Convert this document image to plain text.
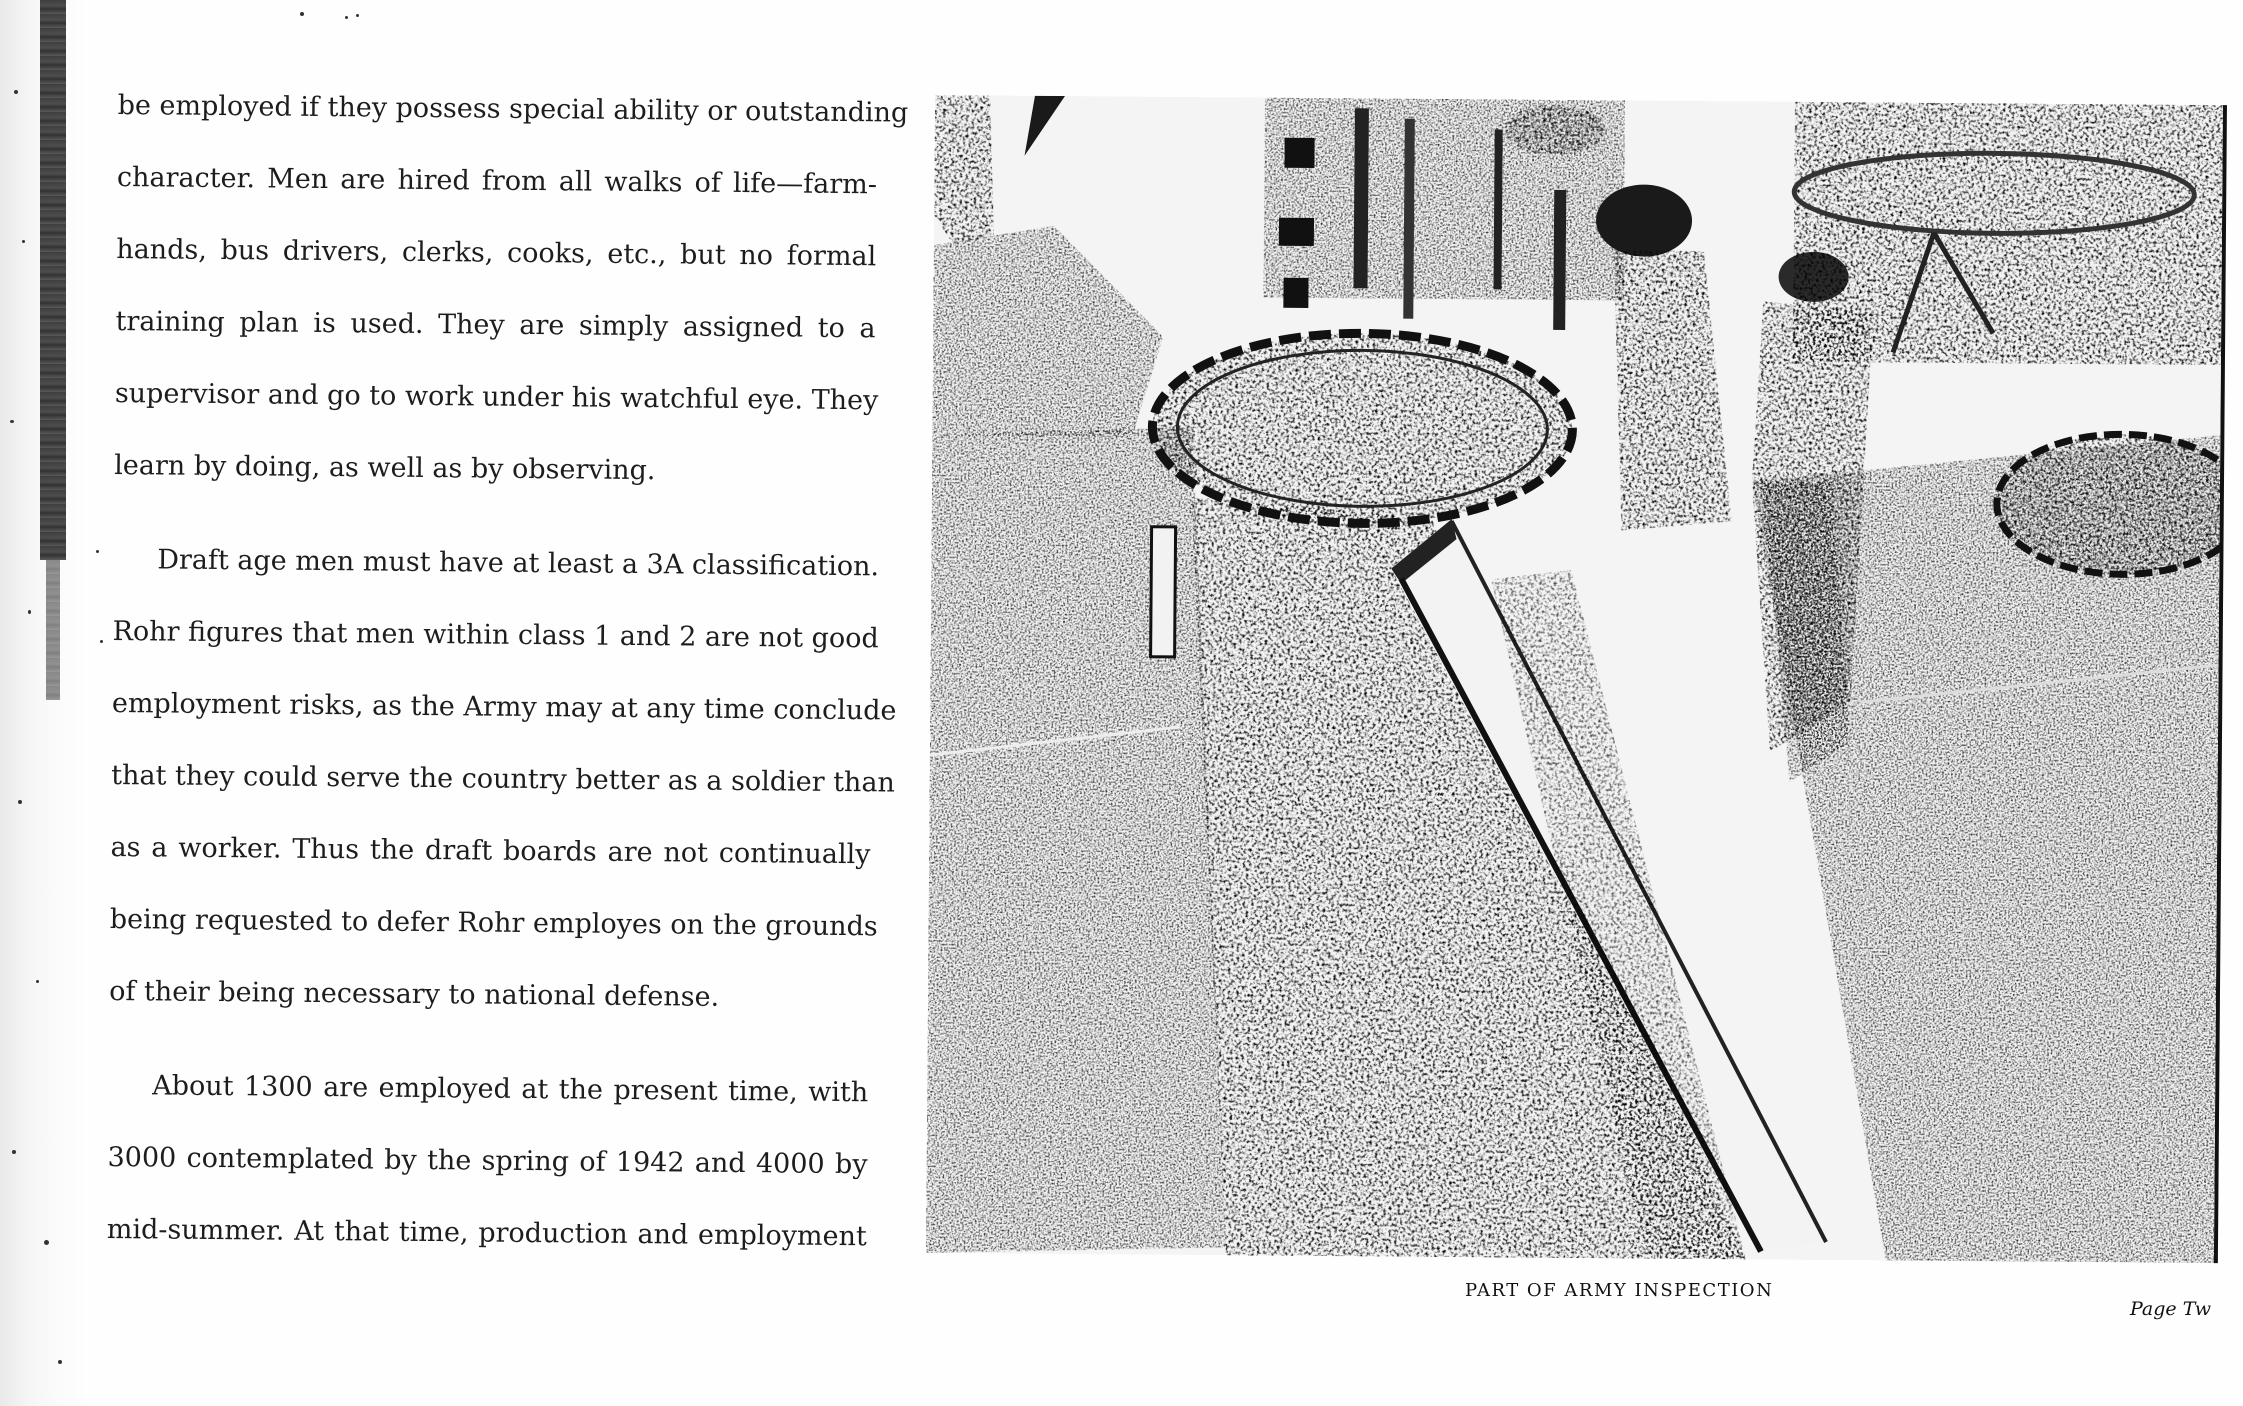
be employed if they possess special ability or outstanding
character. Men are hired from all walks of life—farm-
hands, bus drivers, clerks, cooks, etc., but no formal
training plan is used. They are simply assigned to a
supervisor and go to work under his watchful eye. They
learn by doing, as well as by observing.
Draft age men must have at least a 3A classification.
Rohr figures that men within class 1 and 2 are not good
employment risks, as the Army may at any time conclude
that they could serve the country better as a soldier than
as a worker. Thus the draft boards are not continually
being requested to defer Rohr employes on the grounds
of their being necessary to national defense.
About 1300 are employed at the present time, with
3000 contemplated by the spring of 1942 and 4000 by
mid-summer. At that time, production and employment
PART OF ARMY INSPECTION
Page Tw
